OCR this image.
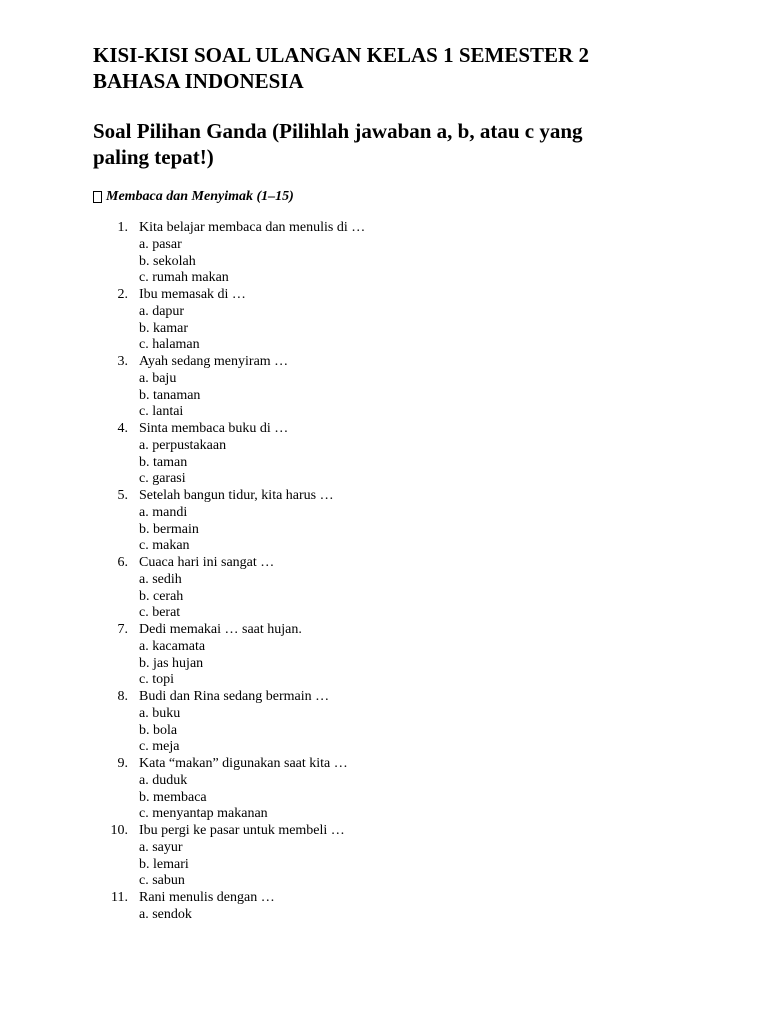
KISI-KISI SOAL ULANGAN KELAS 1 SEMESTER 2
BAHASA INDONESIA
Soal Pilihan Ganda (Pilihlah jawaban a, b, atau c yang
paling tepat!)
Membaca dan Menyimak (1–15)
1. Kita belajar membaca dan menulis di …
a. pasar
b. sekolah
c. rumah makan
2. Ibu memasak di …
a. dapur
b. kamar
c. halaman
3. Ayah sedang menyiram …
a. baju
b. tanaman
c. lantai
4. Sinta membaca buku di …
a. perpustakaan
b. taman
c. garasi
5. Setelah bangun tidur, kita harus …
a. mandi
b. bermain
c. makan
6. Cuaca hari ini sangat …
a. sedih
b. cerah
c. berat
7. Dedi memakai … saat hujan.
a. kacamata
b. jas hujan
c. topi
8. Budi dan Rina sedang bermain …
a. buku
b. bola
c. meja
9. Kata “makan” digunakan saat kita …
a. duduk
b. membaca
c. menyantap makanan
10. Ibu pergi ke pasar untuk membeli …
a. sayur
b. lemari
c. sabun
11. Rani menulis dengan …
a. sendok
